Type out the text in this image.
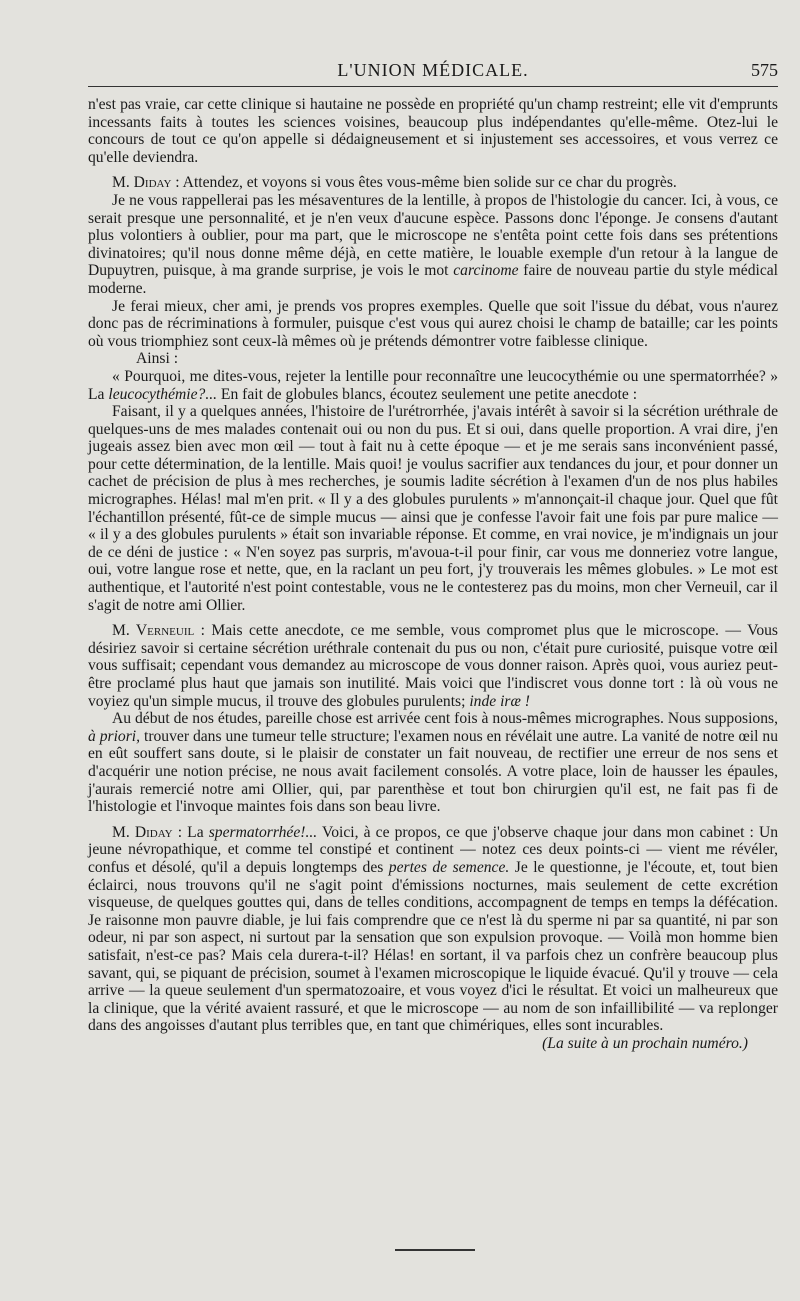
L'UNION MÉDICALE.	575

n'est pas vraie, car cette clinique si hautaine ne possède en propriété qu'un champ restreint; elle vit d'emprunts incessants faits à toutes les sciences voisines, beaucoup plus indépendantes qu'elle-même. Otez-lui le concours de tout ce qu'on appelle si dédaigneusement et si injustement ses accessoires, et vous verrez ce qu'elle deviendra.

M. Diday : Attendez, et voyons si vous êtes vous-même bien solide sur ce char du progrès.

Je ne vous rappellerai pas les mésaventures de la lentille, à propos de l'histologie du cancer. Ici, à vous, ce serait presque une personnalité, et je n'en veux d'aucune espèce. Passons donc l'éponge. Je consens d'autant plus volontiers à oublier, pour ma part, que le microscope ne s'entêta point cette fois dans ses prétentions divinatoires; qu'il nous donne même déjà, en cette matière, le louable exemple d'un retour à la langue de Dupuytren, puisque, à ma grande surprise, je vois le mot carcinome faire de nouveau partie du style médical moderne.

Je ferai mieux, cher ami, je prends vos propres exemples. Quelle que soit l'issue du débat, vous n'aurez donc pas de récriminations à formuler, puisque c'est vous qui aurez choisi le champ de bataille; car les points où vous triomphiez sont ceux-là mêmes où je prétends démontrer votre faiblesse clinique.

Ainsi :

« Pourquoi, me dites-vous, rejeter la lentille pour reconnaître une leucocythémie ou une spermatorrhée? » La leucocythémie?... En fait de globules blancs, écoutez seulement une petite anecdote :

Faisant, il y a quelques années, l'histoire de l'urétrorrhée, j'avais intérêt à savoir si la sécrétion uréthrale de quelques-uns de mes malades contenait oui ou non du pus. Et si oui, dans quelle proportion. A vrai dire, j'en jugeais assez bien avec mon œil — tout à fait nu à cette époque — et je me serais sans inconvénient passé, pour cette détermination, de la lentille. Mais quoi! je voulus sacrifier aux tendances du jour, et pour donner un cachet de précision de plus à mes recherches, je soumis ladite sécrétion à l'examen d'un de nos plus habiles micrographes. Hélas! mal m'en prit. « Il y a des globules purulents » m'annonçait-il chaque jour. Quel que fût l'échantillon présenté, fût-ce de simple mucus — ainsi que je confesse l'avoir fait une fois par pure malice — « il y a des globules purulents » était son invariable réponse. Et comme, en vrai novice, je m'indignais un jour de ce déni de justice : « N'en soyez pas surpris, m'avoua-t-il pour finir, car vous me donneriez votre langue, oui, votre langue rose et nette, que, en la raclant un peu fort, j'y trouverais les mêmes globules. » Le mot est authentique, et l'autorité n'est point contestable, vous ne le contesterez pas du moins, mon cher Verneuil, car il s'agit de notre ami Ollier.

M. Verneuil : Mais cette anecdote, ce me semble, vous compromet plus que le microscope. — Vous désiriez savoir si certaine sécrétion uréthrale contenait du pus ou non, c'était pure curiosité, puisque votre œil vous suffisait; cependant vous demandez au microscope de vous donner raison. Après quoi, vous auriez peut-être proclamé plus haut que jamais son inutilité. Mais voici que l'indiscret vous donne tort : là où vous ne voyiez qu'un simple mucus, il trouve des globules purulents; inde iræ !

Au début de nos études, pareille chose est arrivée cent fois à nous-mêmes micrographes. Nous supposions, à priori, trouver dans une tumeur telle structure; l'examen nous en révélait une autre. La vanité de notre œil nu en eût souffert sans doute, si le plaisir de constater un fait nouveau, de rectifier une erreur de nos sens et d'acquérir une notion précise, ne nous avait facilement consolés. A votre place, loin de hausser les épaules, j'aurais remercié notre ami Ollier, qui, par parenthèse et tout bon chirurgien qu'il est, ne fait pas fi de l'histologie et l'invoque maintes fois dans son beau livre.

M. Diday : La spermatorrhée!... Voici, à ce propos, ce que j'observe chaque jour dans mon cabinet : Un jeune névropathique, et comme tel constipé et continent — notez ces deux points-ci — vient me révéler, confus et désolé, qu'il a depuis longtemps des pertes de semence. Je le questionne, je l'écoute, et, tout bien éclairci, nous trouvons qu'il ne s'agit point d'émissions nocturnes, mais seulement de cette excrétion visqueuse, de quelques gouttes qui, dans de telles conditions, accompagnent de temps en temps la défécation. Je raisonne mon pauvre diable, je lui fais comprendre que ce n'est là du sperme ni par sa quantité, ni par son odeur, ni par son aspect, ni surtout par la sensation que son expulsion provoque. — Voilà mon homme bien satisfait, n'est-ce pas? Mais cela durera-t-il? Hélas! en sortant, il va parfois chez un confrère beaucoup plus savant, qui, se piquant de précision, soumet à l'examen microscopique le liquide évacué. Qu'il y trouve — cela arrive — la queue seulement d'un spermatozoaire, et vous voyez d'ici le résultat. Et voici un malheureux que la clinique, que la vérité avaient rassuré, et que le microscope — au nom de son infaillibilité — va replonger dans des angoisses d'autant plus terribles que, en tant que chimériques, elles sont incurables.

(La suite à un prochain numéro.)
